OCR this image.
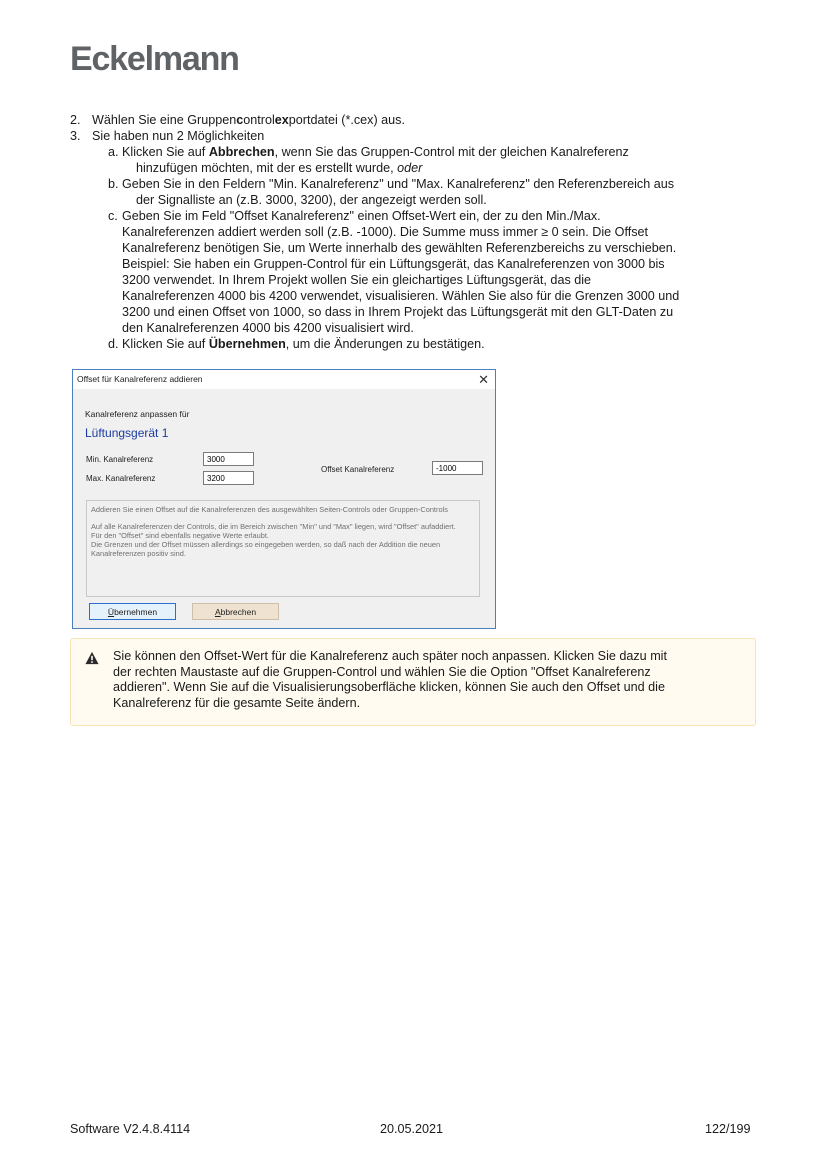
Eckelmann
2. Wählen Sie eine Gruppencontrolexportdatei (*.cex) aus.
3. Sie haben nun 2 Möglichkeiten
a. Klicken Sie auf Abbrechen, wenn Sie das Gruppen-Control mit der gleichen Kanalreferenz
hinzufügen möchten, mit der es erstellt wurde, oder
b. Geben Sie in den Feldern "Min. Kanalreferenz" und "Max. Kanalreferenz" den Referenzbereich aus
der Signalliste an (z.B. 3000, 3200), der angezeigt werden soll.
c. Geben Sie im Feld "Offset Kanalreferenz" einen Offset-Wert ein, der zu den Min./Max.
Kanalreferenzen addiert werden soll (z.B. -1000). Die Summe muss immer ≥ 0 sein. Die Offset
Kanalreferenz benötigen Sie, um Werte innerhalb des gewählten Referenzbereichs zu verschieben.
Beispiel: Sie haben ein Gruppen-Control für ein Lüftungsgerät, das Kanalreferenzen von 3000 bis
3200 verwendet. In Ihrem Projekt wollen Sie ein gleichartiges Lüftungsgerät, das die
Kanalreferenzen 4000 bis 4200 verwendet, visualisieren. Wählen Sie also für die Grenzen 3000 und
3200 und einen Offset von 1000, so dass in Ihrem Projekt das Lüftungsgerät mit den GLT-Daten zu
den Kanalreferenzen 4000 bis 4200 visualisiert wird.
d. Klicken Sie auf Übernehmen, um die Änderungen zu bestätigen.
Offset für Kanalreferenz addieren	✕
Kanalreferenz anpassen für
Lüftungsgerät 1
Min. Kanalreferenz
3000
Max. Kanalreferenz
3200
Offset Kanalreferenz
-1000

Addieren Sie einen Offset auf die Kanalreferenzen des ausgewählten Seiten-Controls oder Gruppen-Controls

Auf alle Kanalreferenzen der Controls, die im Bereich zwischen "Min" und "Max" liegen, wird "Offset" aufaddiert.

Für den "Offset" sind ebenfalls negative Werte erlaubt.

Die Grenzen und der Offset müssen allerdings so eingegeben werden, so daß nach der Addition die neuen Kanalreferenzen positiv sind.

Ü bernehmen	A bbrechen
Sie können den Offset-Wert für die Kanalreferenz auch später noch anpassen. Klicken Sie dazu mit
der rechten Maustaste auf die Gruppen-Control und wählen Sie die Option "Offset Kanalreferenz
addieren". Wenn Sie auf die Visualisierungsoberfläche klicken, können Sie auch den Offset und die
Kanalreferenz für die gesamte Seite ändern.
Software V2.4.8.4114	20.05.2021	122/199
